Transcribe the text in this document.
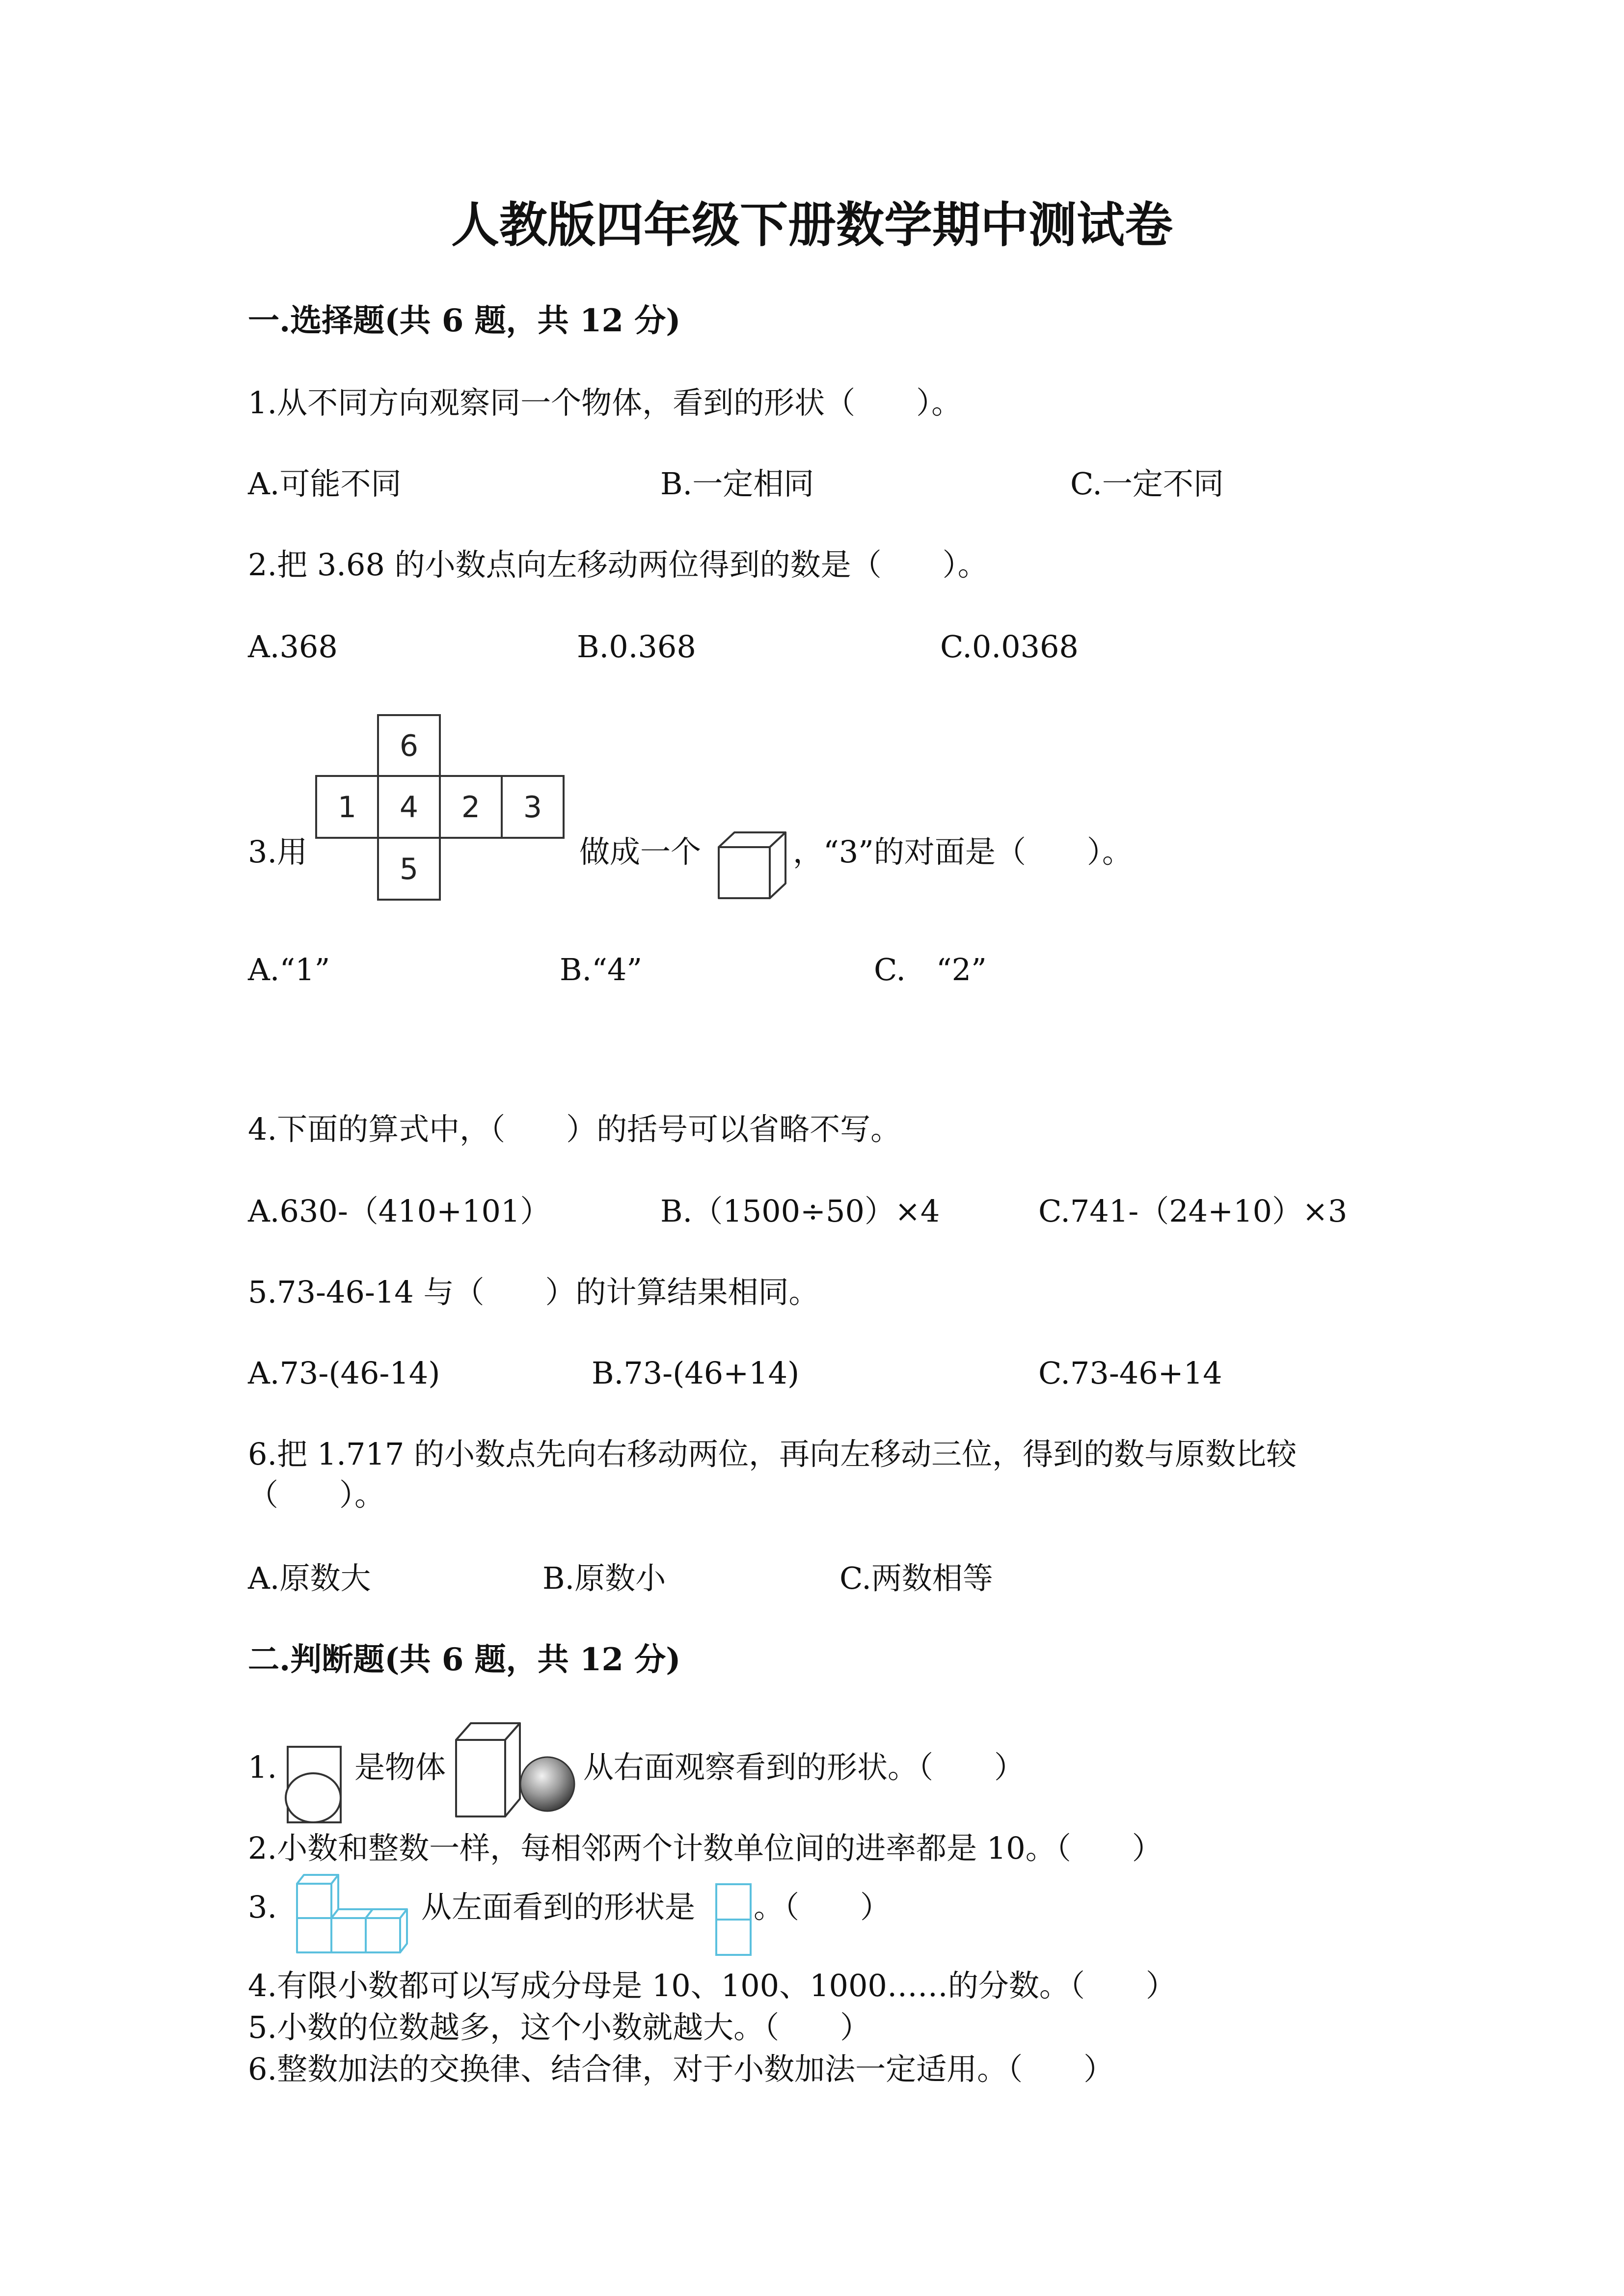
人教版四年级下册数学期中测试卷
一.选择题(共 6 题，共 12 分)
1.从不同方向观察同一个物体，看到的形状（　　）。
A.可能不同	B.一定相同	C.一定不同
2.把 3.68 的小数点向左移动两位得到的数是（　　）。
A.368	B.0.368	C.0.0368
3.用
6
1 4 2 3
5	做成一个	，“3”的对面是（　　）。
A.“1”	B.“4”	C.　“2”
4.下面的算式中，（　　）的括号可以省略不写。
A.630-（410+101）	B.（1500÷50）×4	C.741-（24+10）×3
5.73-46-14 与（　　）的计算结果相同。
A.73-(46-14)	B.73-(46+14)	C.73-46+14
6.把 1.717 的小数点先向右移动两位，再向左移动三位，得到的数与原数比较
（　　）。
A.原数大	B.原数小	C.两数相等
二.判断题(共 6 题，共 12 分)
1.	是物体	从右面观察看到的形状。（　　）
2.小数和整数一样，每相邻两个计数单位间的进率都是 10。（　　）
3.	从左面看到的形状是 。（　　）
4.有限小数都可以写成分母是 10、100、1000……的分数。（　　）
5.小数的位数越多，这个小数就越大。（　　）
6.整数加法的交换律、结合律，对于小数加法一定适用。（　　）
